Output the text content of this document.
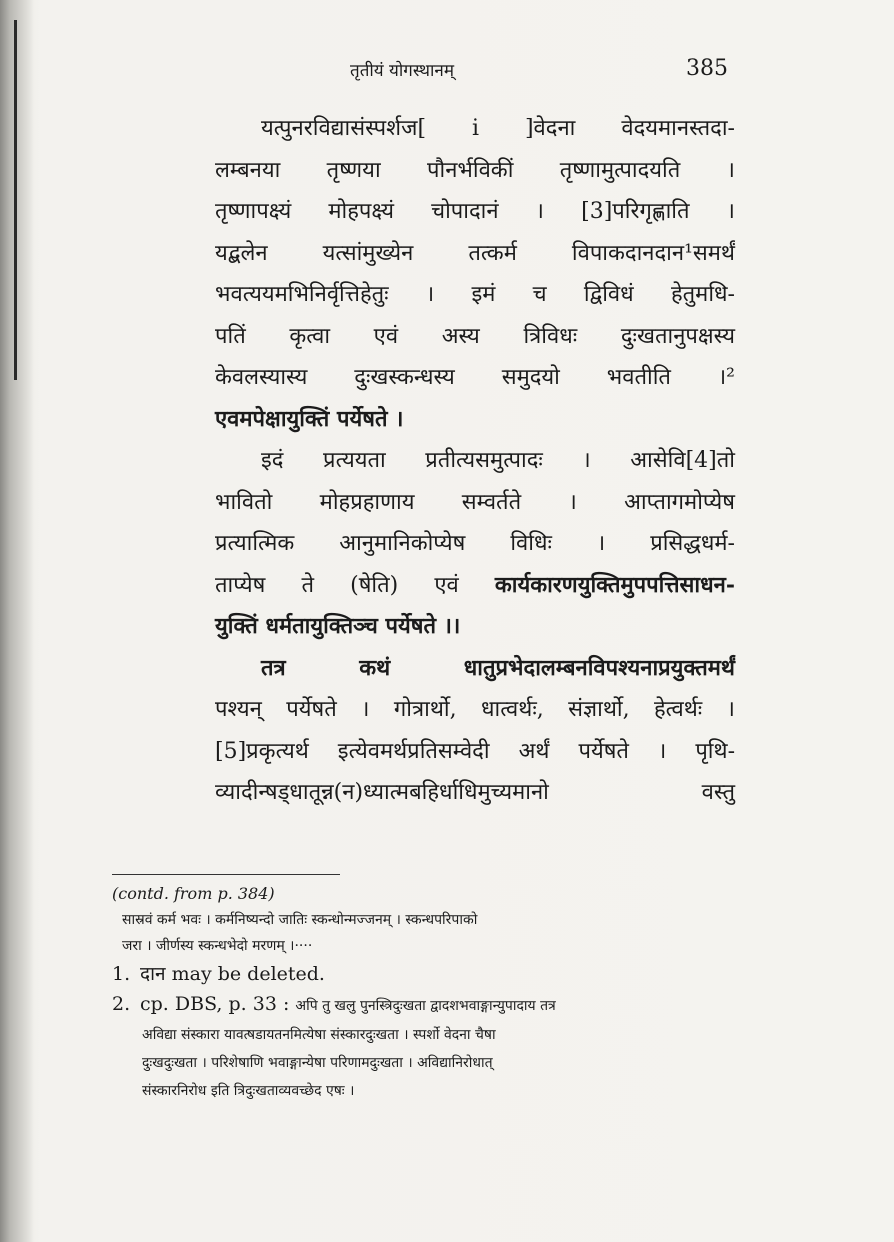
तृतीयं योगस्थानम्	385
यत्पुनरविद्यासंस्पर्शज[ i ]वेदना वेदयमानस्तदा-
लम्बनया तृष्णया पौनर्भविकीं तृष्णामुत्पादयति ।
तृष्णापक्ष्यं मोहपक्ष्यं चोपादानं । [3]परिगृह्णाति ।
यद्बलेन यत्सांमुख्येन तत्कर्म विपाकदानदान¹समर्थं
भवत्ययमभिनिर्वृत्तिहेतुः । इमं च द्विविधं हेतुमधि-
पतिं कृत्वा एवं अस्य त्रिविधः दुःखतानुपक्षस्य
केवलस्यास्य दुःखस्कन्धस्य समुदयो भवतीति ।²
एवमपेक्षायुक्तिं पर्येषते ।
इदं प्रत्ययता प्रतीत्यसमुत्पादः । आसेवि[4]तो
भावितो मोहप्रहाणाय सम्वर्तते । आप्तागमोप्येष
प्रत्यात्मिक आनुमानिकोप्येष विधिः । प्रसिद्धधर्म-
ताप्येष ते (षेति) एवं कार्यकारणयुक्तिमुपपत्तिसाधन-
युक्तिं धर्मतायुक्तिञ्च पर्येषते ।।
तत्र कथं धातुप्रभेदालम्बनविपश्यनाप्रयुक्तमर्थं
पश्यन् पर्येषते । गोत्रार्थो, धात्वर्थः, संज्ञार्थो, हेत्वर्थः ।
[5]प्रकृत्यर्थ इत्येवमर्थप्रतिसम्वेदी अर्थं पर्येषते । पृथि-
व्यादीन्षड्धातून्न(न)ध्यात्मबहिर्धाधिमुच्यमानो वस्तु
(contd. from p. 384)
सास्रवं कर्म भवः । कर्मनिष्यन्दो जातिः स्कन्धोन्मज्जनम् । स्कन्धपरिपाको
जरा । जीर्णस्य स्कन्धभेदो मरणम् ।····
1. दान may be deleted.
2. cp. DBS, p. 33 : अपि तु खलु पुनस्त्रिदुःखता द्वादशभवाङ्गान्युपादाय तत्र
अविद्या संस्कारा यावत्षडायतनमित्येषा संस्कारदुःखता । स्पर्शो वेदना चैषा
दुःखदुःखता । परिशेषाणि भवाङ्गान्येषा परिणामदुःखता । अविद्यानिरोधात्
संस्कारनिरोध इति त्रिदुःखताव्यवच्छेद एषः ।
